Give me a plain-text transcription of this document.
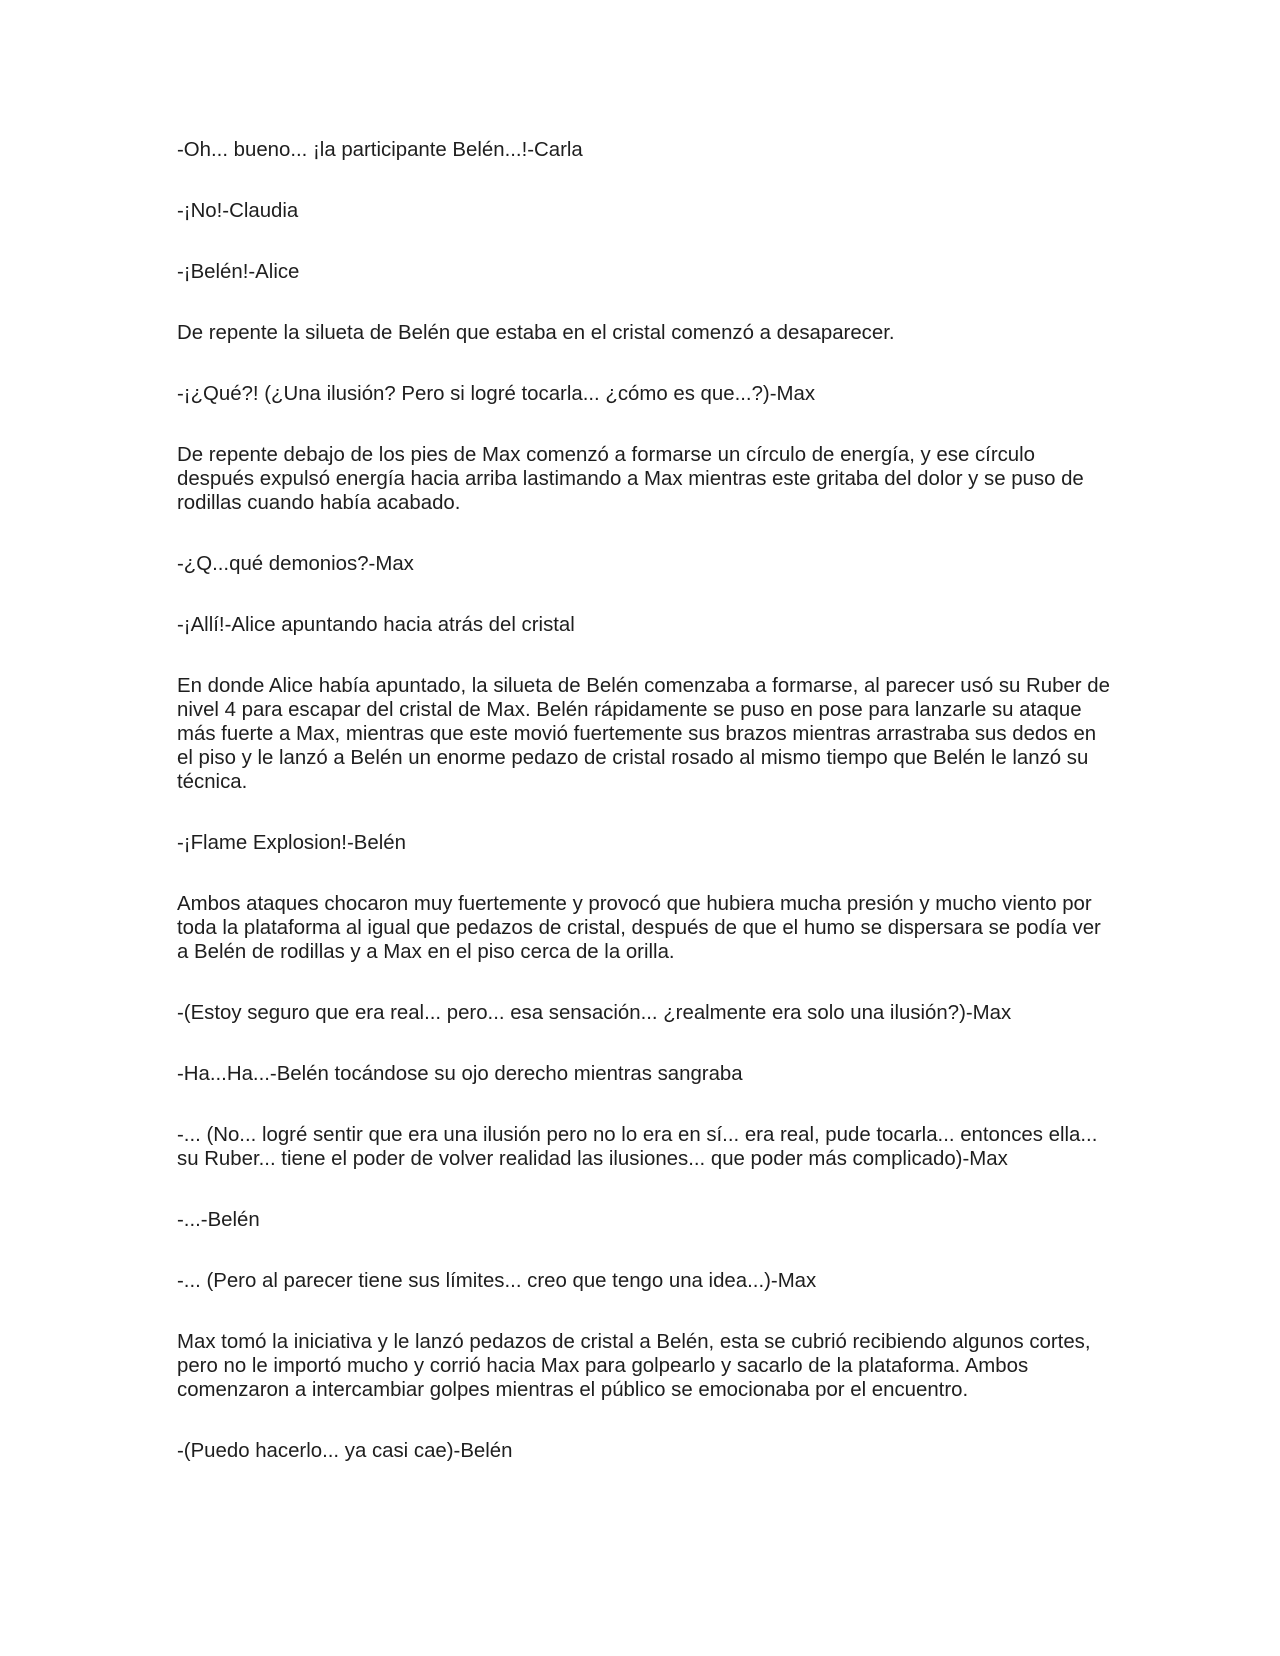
-Oh... bueno... ¡la participante Belén...!-Carla

-¡No!-Claudia

-¡Belén!-Alice

De repente la silueta de Belén que estaba en el cristal comenzó a desaparecer.

-¡¿Qué?! (¿Una ilusión? Pero si logré tocarla... ¿cómo es que...?)-Max

De repente debajo de los pies de Max comenzó a formarse un círculo de energía, y ese círculo después expulsó energía hacia arriba lastimando a Max mientras este gritaba del dolor y se puso de rodillas cuando había acabado.

-¿Q...qué demonios?-Max

-¡Allí!-Alice apuntando hacia atrás del cristal

En donde Alice había apuntado, la silueta de Belén comenzaba a formarse, al parecer usó su Ruber de nivel 4 para escapar del cristal de Max. Belén rápidamente se puso en pose para lanzarle su ataque más fuerte a Max, mientras que este movió fuertemente sus brazos mientras arrastraba sus dedos en el piso y le lanzó a Belén un enorme pedazo de cristal rosado al mismo tiempo que Belén le lanzó su técnica.

-¡Flame Explosion!-Belén

Ambos ataques chocaron muy fuertemente y provocó que hubiera mucha presión y mucho viento por toda la plataforma al igual que pedazos de cristal, después de que el humo se dispersara se podía ver a Belén de rodillas y a Max en el piso cerca de la orilla.

-(Estoy seguro que era real... pero... esa sensación... ¿realmente era solo una ilusión?)-Max

-Ha...Ha...-Belén tocándose su ojo derecho mientras sangraba

-... (No... logré sentir que era una ilusión pero no lo era en sí... era real, pude tocarla... entonces ella... su Ruber... tiene el poder de volver realidad las ilusiones... que poder más complicado)-Max

-...-Belén

-... (Pero al parecer tiene sus límites... creo que tengo una idea...)-Max

Max tomó la iniciativa y le lanzó pedazos de cristal a Belén, esta se cubrió recibiendo algunos cortes, pero no le importó mucho y corrió hacia Max para golpearlo y sacarlo de la plataforma. Ambos comenzaron a intercambiar golpes mientras el público se emocionaba por el encuentro.

-(Puedo hacerlo... ya casi cae)-Belén
